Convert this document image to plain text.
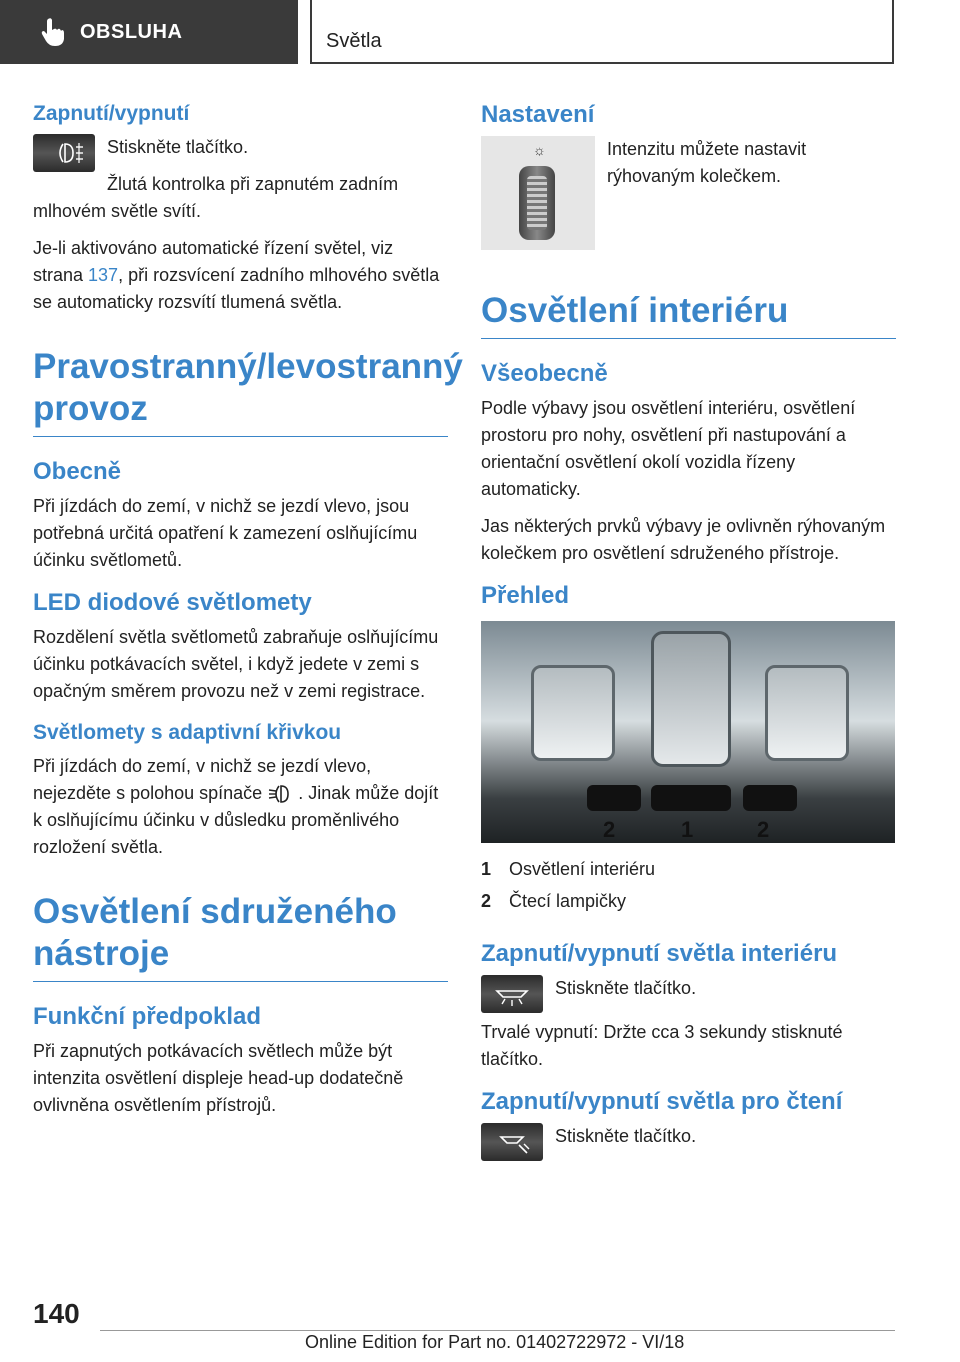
OBSLUHA	Světla
Zapnutí/vypnutí

Stiskněte tlačítko.

Žlutá kontrolka při zapnutém zadním mlhovém světle svítí.

Je-li aktivováno automatické řízení světel, viz strana 137, při rozsvícení zadního mlhového světla se automaticky rozsvítí tlumená světla.

Pravostranný/levostranný provoz
Obecně

Při jízdách do zemí, v nichž se jezdí vlevo, jsou potřebná určitá opatření k zamezení oslňujícímu účinku světlometů.

LED diodové světlomety

Rozdělení světla světlometů zabraňuje oslňujícímu účinku potkávacích světel, i když jedete v zemi s opačným směrem provozu než v zemi registrace.

Světlomety s adaptivní křivkou

Při jízdách do zemí, v nichž se jezdí vlevo, nejezděte s polohou spínače  . Jinak může dojít k oslňujícímu účinku v důsledku proměnlivého rozložení světla.

Osvětlení sdruženého nástroje
Funkční předpoklad

Při zapnutých potkávacích světlech může být intenzita osvětlení displeje head-up dodatečně ovlivněna osvětlením přístrojů.

Nastavení
☼	Intenzitu můžete nastavit rýhovaným kolečkem.

Osvětlení interiéru
Všeobecně

Podle výbavy jsou osvětlení interiéru, osvětlení prostoru pro nohy, osvětlení při nastupování a orientační osvětlení okolí vozidla řízeny automaticky.

Jas některých prvků výbavy je ovlivněn rýhovaným kolečkem pro osvětlení sdruženého přístroje.

Přehled
2	1	2
1 Osvětlení interiéru
2 Čtecí lampičky
Zapnutí/vypnutí světla interiéru

Stiskněte tlačítko.

Trvalé vypnutí: Držte cca 3 sekundy stisknuté tlačítko.

Zapnutí/vypnutí světla pro čtení

Stiskněte tlačítko.

140
Online Edition for Part no. 01402722972 - VI/18
